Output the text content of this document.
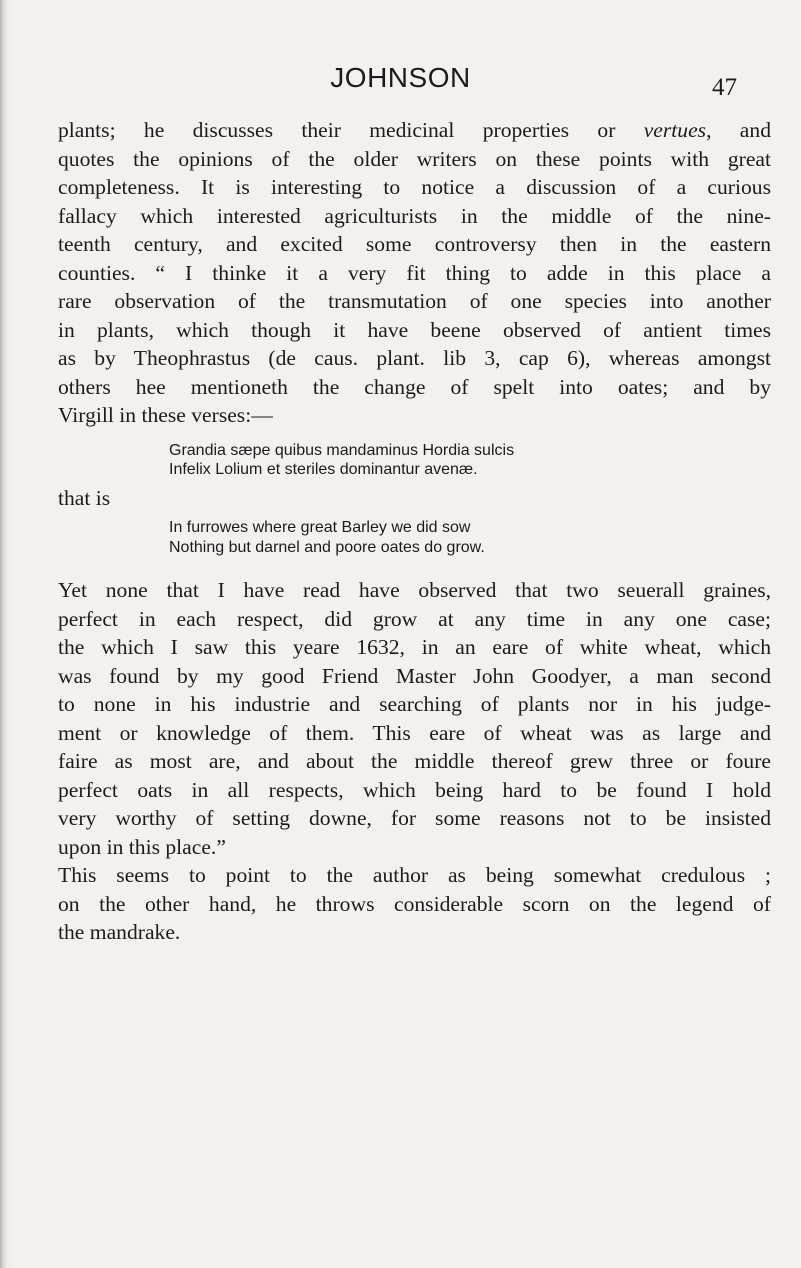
JOHNSON	47
plants; he discusses their medicinal properties or vertues, and
quotes the opinions of the older writers on these points with great
completeness. It is interesting to notice a discussion of a curious
fallacy which interested agriculturists in the middle of the nine-
teenth century, and excited some controversy then in the eastern
counties. “ I thinke it a very fit thing to adde in this place a
rare observation of the transmutation of one species into another
in plants, which though it have beene observed of antient times
as by Theophrastus (de caus. plant. lib 3, cap 6), whereas amongst
others hee mentioneth the change of spelt into oates; and by
Virgill in these verses:—
Grandia sæpe quibus mandaminus Hordia sulcis
Infelix Lolium et steriles dominantur avenæ.
that is
In furrowes where great Barley we did sow
Nothing but darnel and poore oates do grow.
Yet none that I have read have observed that two seuerall graines,
perfect in each respect, did grow at any time in any one case;
the which I saw this yeare 1632, in an eare of white wheat, which
was found by my good Friend Master John Goodyer, a man second
to none in his industrie and searching of plants nor in his judge-
ment or knowledge of them. This eare of wheat was as large and
faire as most are, and about the middle thereof grew three or foure
perfect oats in all respects, which being hard to be found I hold
very worthy of setting downe, for some reasons not to be insisted
upon in this place.”
This seems to point to the author as being somewhat credulous ;
on the other hand, he throws considerable scorn on the legend of
the mandrake.
